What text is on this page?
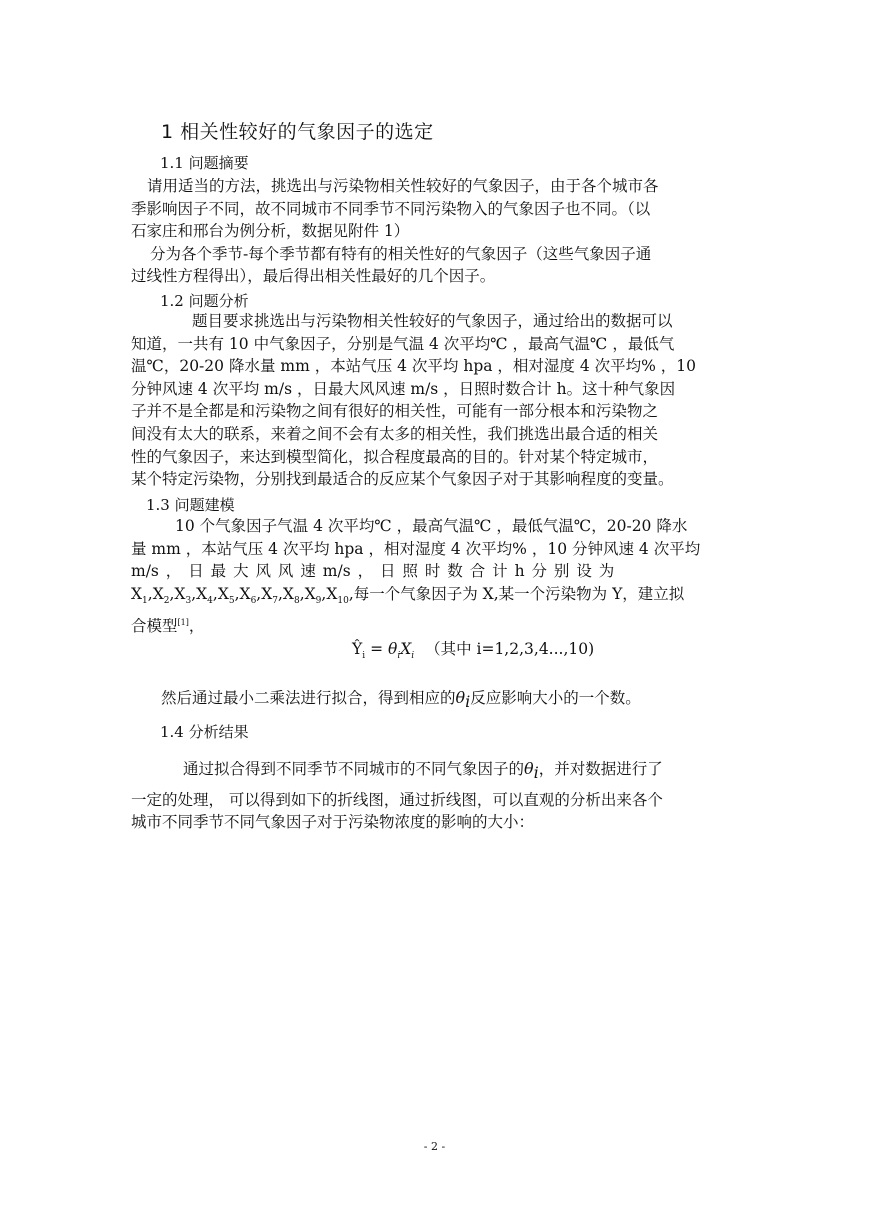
1 相关性较好的气象因子的选定
1.1 问题摘要
请用适当的方法，挑选出与污染物相关性较好的气象因子，由于各个城市各
季影响因子不同，故不同城市不同季节不同污染物入的气象因子也不同。（以
石家庄和邢台为例分析，数据见附件 1）
分为各个季节-每个季节都有特有的相关性好的气象因子（这些气象因子通
过线性方程得出），最后得出相关性最好的几个因子。
1.2 问题分析
题目要求挑选出与污染物相关性较好的气象因子，通过给出的数据可以
知道，一共有 10 中气象因子，分别是气温 4 次平均℃ ，最高气温℃ ，最低气
温℃，20-20 降水量 mm ，本站气压 4 次平均 hpa ，相对湿度 4 次平均% ，10
分钟风速 4 次平均 m/s ，日最大风风速 m/s ，日照时数合计 h。这十种气象因
子并不是全都是和污染物之间有很好的相关性，可能有一部分根本和污染物之
间没有太大的联系，来着之间不会有太多的相关性，我们挑选出最合适的相关
性的气象因子，来达到模型简化，拟合程度最高的目的。针对某个特定城市，
某个特定污染物，分别找到最适合的反应某个气象因子对于其影响程度的变量。
1.3 问题建模
10 个气象因子气温 4 次平均℃ ，最高气温℃ ，最低气温℃，20-20 降水
量 mm ，本站气压 4 次平均 hpa ，相对湿度 4 次平均% ，10 分钟风速 4 次平均
m/s ， 日 最 大 风 风 速 m/s ， 日 照 时 数 合 计 h 分 别 设 为
$X_1,X_2,X_3,X_4,X_5,X_6,X_7,X_8,X_9,X_{10}$,每一个气象因子为 X,某一个污染物为 Y，建立拟
合模型[1]，
$Ŷ_i = \theta_iX_i$ （其中 i=1,2,3,4...,10)
然后通过最小二乘法进行拟合，得到相应的$\theta_i$反应影响大小的一个数。
1.4 分析结果
通过拟合得到不同季节不同城市的不同气象因子的$\theta_i$，并对数据进行了
一定的处理， 可以得到如下的折线图，通过折线图，可以直观的分析出来各个
城市不同季节不同气象因子对于污染物浓度的影响的大小：
- 2 -
